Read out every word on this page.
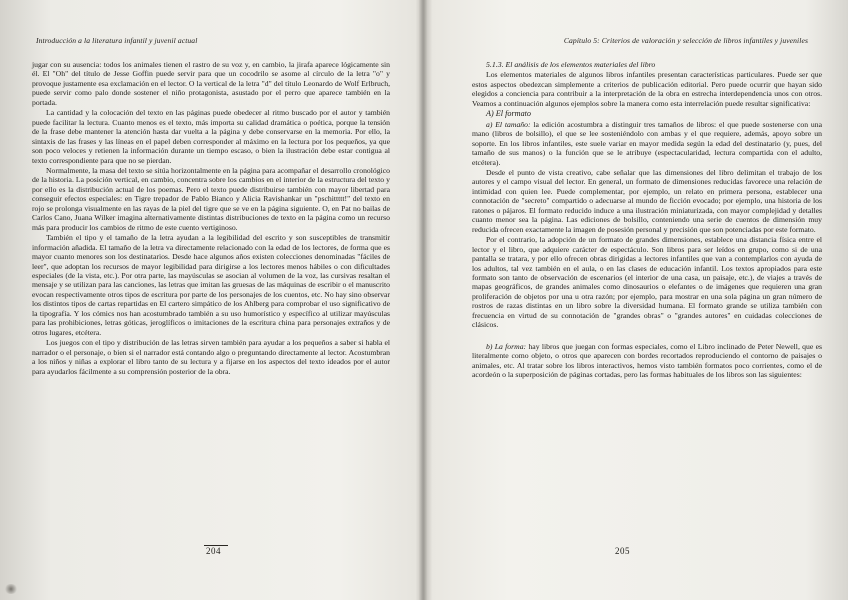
Introducción a la literatura infantil y juvenil actual

jugar con su ausencia: todos los animales tienen el rastro de su voz y, en cambio, la jirafa aparece lógicamente sin él. El "Oh" del título de Jesse Goffin puede servir para que un cocodrilo se asome al círculo de la letra "o" y provoque justamente esa exclamación en el lector. O la vertical de la letra "d" del título Leonardo de Wolf Erlbruch, puede servir como palo donde sostener el niño protagonista, asustado por el perro que aparece también en la portada.

La cantidad y la colocación del texto en las páginas puede obedecer al ritmo buscado por el autor y también puede facilitar la lectura. Cuanto menos es el texto, más importa su calidad dramática o poética, porque la tensión de la frase debe mantener la atención hasta dar vuelta a la página y debe conservarse en la memoria. Por ello, la sintaxis de las frases y las líneas en el papel deben corresponder al máximo en la lectura por los pequeños, ya que son poco veloces y retienen la información durante un tiempo escaso, o bien la ilustración debe estar contigua al texto correspondiente para que no se pierdan.

Normalmente, la masa del texto se sitúa horizontalmente en la página para acompañar el desarrollo cronológico de la historia. La posición vertical, en cambio, concentra sobre los cambios en el interior de la estructura del texto y por ello es la distribución actual de los poemas. Pero el texto puede distribuirse también con mayor libertad para conseguir efectos especiales: en Tigre trepador de Pablo Bianco y Alicia Ravishankar un "pschittttt!" del texto en rojo se prolonga visualmente en las rayas de la piel del tigre que se ve en la página siguiente. O, en Pat no bailas de Carlos Cano, Juana Wilker imagina alternativamente distintas distribuciones de texto en la página como un recurso más para producir los cambios de ritmo de este cuento vertiginoso.

También el tipo y el tamaño de la letra ayudan a la legibilidad del escrito y son susceptibles de transmitir información añadida. El tamaño de la letra va directamente relacionado con la edad de los lectores, de forma que es mayor cuanto menores son los destinatarios. Desde hace algunos años existen colecciones denominadas "fáciles de leer", que adoptan los recursos de mayor legibilidad para dirigirse a los lectores menos hábiles o con dificultades especiales (de la vista, etc.). Por otra parte, las mayúsculas se asocian al volumen de la voz, las cursivas resaltan el mensaje y se utilizan para las canciones, las letras que imitan las gruesas de las máquinas de escribir o el manuscrito evocan respectivamente otros tipos de escritura por parte de los personajes de los cuentos, etc. No hay sino observar los distintos tipos de cartas repartidas en El cartero simpático de los Ahlberg para comprobar el uso significativo de la tipografía. Y los cómics nos han acostumbrado también a su uso humorístico y específico al utilizar mayúsculas para las prohibiciones, letras góticas, jeroglíficos o imitaciones de la escritura china para personajes extraños y de otros lugares, etcétera.

Los juegos con el tipo y distribución de las letras sirven también para ayudar a los pequeños a saber si habla el narrador o el personaje, o bien si el narrador está contando algo o preguntando directamente al lector. Acostumbran a los niños y niñas a explorar el libro tanto de su lectura y a fijarse en los aspectos del texto ideados por el autor para ayudarlos fácilmente a su comprensión posterior de la obra.

204
Capítulo 5: Criterios de valoración y selección de libros infantiles y juveniles

5.1.3. El análisis de los elementos materiales del libro

Los elementos materiales de algunos libros infantiles presentan características particulares. Puede ser que estos aspectos obedezcan simplemente a criterios de publicación editorial. Pero puede ocurrir que hayan sido elegidos a conciencia para contribuir a la interpretación de la obra en estrecha interdependencia unos con otros. Veamos a continuación algunos ejemplos sobre la manera como esta interrelación puede resultar significativa:

A) El formato

a) El tamaño: la edición acostumbra a distinguir tres tamaños de libros: el que puede sostenerse con una mano (libros de bolsillo), el que se lee sosteniéndolo con ambas y el que requiere, además, apoyo sobre un soporte. En los libros infantiles, este suele variar en mayor medida según la edad del destinatario (y, pues, del tamaño de sus manos) o la función que se le atribuye (espectacularidad, lectura compartida con el adulto, etcétera).

Desde el punto de vista creativo, cabe señalar que las dimensiones del libro delimitan el trabajo de los autores y el campo visual del lector. En general, un formato de dimensiones reducidas favorece una relación de intimidad con quien lee. Puede complementar, por ejemplo, un relato en primera persona, establecer una connotación de "secreto" compartido o adecuarse al mundo de ficción evocado; por ejemplo, una historia de los ratones o pájaros. El formato reducido induce a una ilustración miniaturizada, con mayor complejidad y detalles cuanto menor sea la página. Las ediciones de bolsillo, conteniendo una serie de cuentos de dimensión muy reducida ofrecen exactamente la imagen de posesión personal y precisión que son potenciadas por este formato.

Por el contrario, la adopción de un formato de grandes dimensiones, establece una distancia física entre el lector y el libro, que adquiere carácter de espectáculo. Son libros para ser leídos en grupo, como si de una pantalla se tratara, y por ello ofrecen obras dirigidas a lectores infantiles que van a contemplarlos con ayuda de los adultos, tal vez también en el aula, o en las clases de educación infantil. Los textos apropiados para este formato son tanto de observación de escenarios (el interior de una casa, un paisaje, etc.), de viajes a través de mapas geográficos, de grandes animales como dinosaurios o elefantes o de imágenes que requieren una gran proliferación de objetos por una u otra razón; por ejemplo, para mostrar en una sola página un gran número de rostros de razas distintas en un libro sobre la diversidad humana. El formato grande se utiliza también con frecuencia en virtud de su connotación de "grandes obras" o "grandes autores" en cuidadas colecciones de clásicos.

b) La forma: hay libros que juegan con formas especiales, como el Libro inclinado de Peter Newell, que es literalmente como objeto, o otros que aparecen con bordes recortados reproduciendo el contorno de paisajes o animales, etc. Al tratar sobre los libros interactivos, hemos visto también formatos poco corrientes, como el de acordeón o la superposición de páginas cortadas, pero las formas habituales de los libros son las siguientes:

205
